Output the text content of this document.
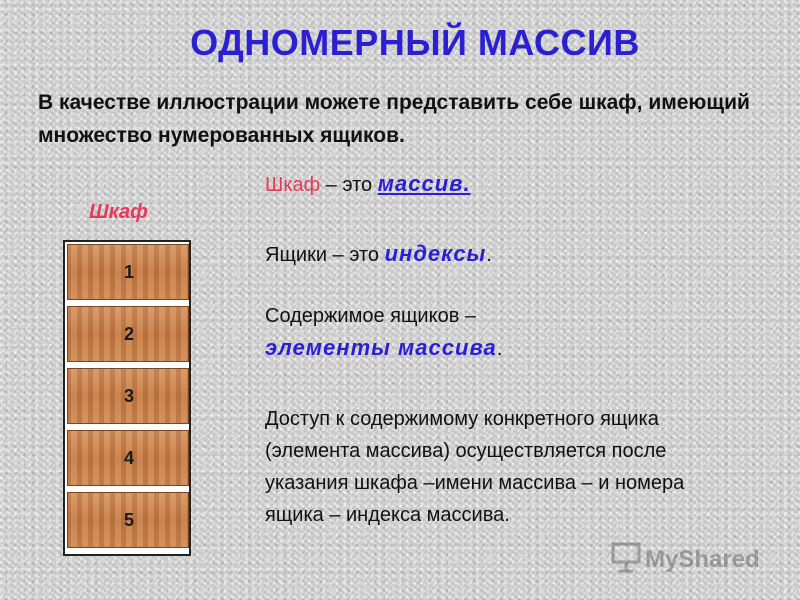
ОДНОМЕРНЫЙ МАССИВ
В качестве иллюстрации можете представить себе шкаф, имеющий множество нумерованных ящиков.
Шкаф
1
2
3
4
5

Шкаф – это массив.

Ящики – это индексы.

Содержимое ящиков –

элементы массива.

Доступ к содержимому конкретного ящика (элемента массива) осуществляется после указания шкафа –имени массива – и номера ящика – индекса массива.

MyShared
